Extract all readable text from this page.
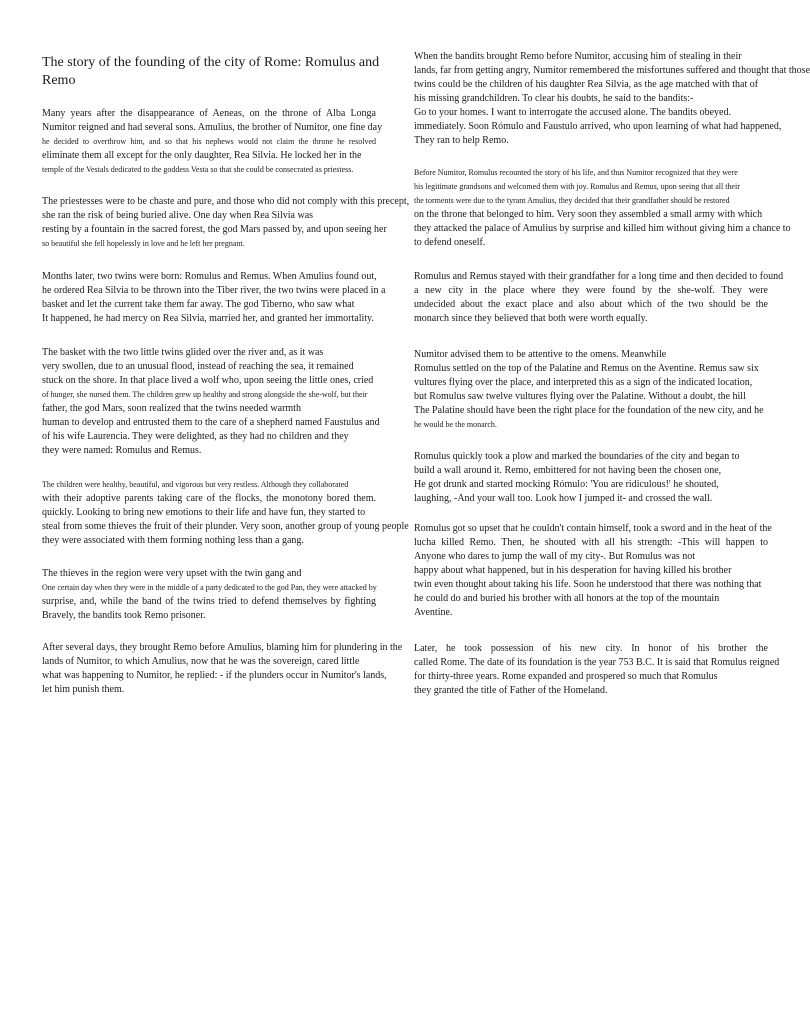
The story of the founding of the city of Rome: Romulus and Remo
Many years after the disappearance of Aeneas, on the throne of Alba Longa
Numitor reigned and had several sons. Amulius, the brother of Numitor, one fine day
he decided to overthrow him, and so that his nephews would not claim the throne he resolved
eliminate them all except for the only daughter, Rea Silvia. He locked her in the
temple of the Vestals dedicated to the goddess Vesta so that she could be consecrated as priestess.
The priestesses were to be chaste and pure, and those who did not comply with this precept,
she ran the risk of being buried alive. One day when Rea Silvia was
resting by a fountain in the sacred forest, the god Mars passed by, and upon seeing her
so beautiful she fell hopelessly in love and he left her pregnant.
Months later, two twins were born: Romulus and Remus. When Amulius found out,
he ordered Rea Silvia to be thrown into the Tiber river, the two twins were placed in a
basket and let the current take them far away. The god Tiberno, who saw what
It happened, he had mercy on Rea Silvia, married her, and granted her immortality.
The basket with the two little twins glided over the river and, as it was
very swollen, due to an unusual flood, instead of reaching the sea, it remained
stuck on the shore. In that place lived a wolf who, upon seeing the little ones, cried
of hunger, she nursed them. The children grew up healthy and strong alongside the she-wolf, but their
father, the god Mars, soon realized that the twins needed warmth
human to develop and entrusted them to the care of a shepherd named Faustulus and
of his wife Laurencia. They were delighted, as they had no children and they
they were named: Romulus and Remus.
The children were healthy, beautiful, and vigorous but very restless. Although they collaborated
with their adoptive parents taking care of the flocks, the monotony bored them.
quickly. Looking to bring new emotions to their life and have fun, they started to
steal from some thieves the fruit of their plunder. Very soon, another group of young people
they were associated with them forming nothing less than a gang.
The thieves in the region were very upset with the twin gang and
One certain day when they were in the middle of a party dedicated to the god Pan, they were attacked by
surprise, and, while the band of the twins tried to defend themselves by fighting
Bravely, the bandits took Remo prisoner.
After several days, they brought Remo before Amulius, blaming him for plundering in the
lands of Numitor, to which Amulius, now that he was the sovereign, cared little
what was happening to Numitor, he replied: - if the plunders occur in Numitor's lands,
let him punish them.
When the bandits brought Remo before Numitor, accusing him of stealing in their
lands, far from getting angry, Numitor remembered the misfortunes suffered and thought that those
twins could be the children of his daughter Rea Silvia, as the age matched with that of
his missing grandchildren. To clear his doubts, he said to the bandits:-
Go to your homes. I want to interrogate the accused alone. The bandits obeyed.
immediately. Soon Rómulo and Faustulo arrived, who upon learning of what had happened,
They ran to help Remo.
Before Numitor, Romulus recounted the story of his life, and thus Numitor recognized that they were
his legitimate grandsons and welcomed them with joy. Romulus and Remus, upon seeing that all their
the torments were due to the tyrant Amulius, they decided that their grandfather should be restored
on the throne that belonged to him. Very soon they assembled a small army with which
they attacked the palace of Amulius by surprise and killed him without giving him a chance to
to defend oneself.
Romulus and Remus stayed with their grandfather for a long time and then decided to found
a new city in the place where they were found by the she-wolf. They were
undecided about the exact place and also about which of the two should be the
monarch since they believed that both were worth equally.
Numitor advised them to be attentive to the omens. Meanwhile
Romulus settled on the top of the Palatine and Remus on the Aventine. Remus saw six
vultures flying over the place, and interpreted this as a sign of the indicated location,
but Romulus saw twelve vultures flying over the Palatine. Without a doubt, the hill
The Palatine should have been the right place for the foundation of the new city, and he
he would be the monarch.
Romulus quickly took a plow and marked the boundaries of the city and began to
build a wall around it. Remo, embittered for not having been the chosen one,
He got drunk and started mocking Rómulo: 'You are ridiculous!' he shouted,
laughing, -And your wall too. Look how I jumped it- and crossed the wall.
Romulus got so upset that he couldn't contain himself, took a sword and in the heat of the
lucha killed Remo. Then, he shouted with all his strength: -This will happen to
Anyone who dares to jump the wall of my city-. But Romulus was not
happy about what happened, but in his desperation for having killed his brother
twin even thought about taking his life. Soon he understood that there was nothing that
he could do and buried his brother with all honors at the top of the mountain
Aventine.
Later, he took possession of his new city. In honor of his brother the
called Rome. The date of its foundation is the year 753 B.C. It is said that Romulus reigned
for thirty-three years. Rome expanded and prospered so much that Romulus
they granted the title of Father of the Homeland.
